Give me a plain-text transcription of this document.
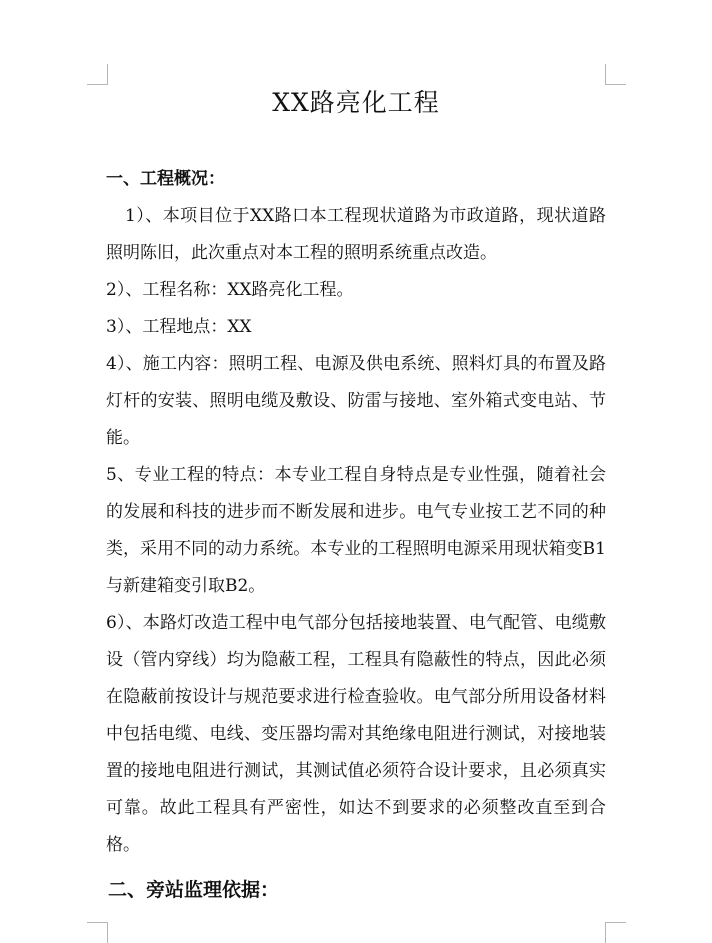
XX路亮化工程
一、工程概况：

1）、本项目位于XX路口本工程现状道路为市政道路，现状道路照明陈旧，此次重点对本工程的照明系统重点改造。

2）、工程名称：XX路亮化工程。

3）、工程地点：XX

4）、施工内容：照明工程、电源及供电系统、照料灯具的布置及路灯杆的安装、照明电缆及敷设、防雷与接地、室外箱式变电站、节能。

5、专业工程的特点：本专业工程自身特点是专业性强，随着社会的发展和科技的进步而不断发展和进步。电气专业按工艺不同的种类，采用不同的动力系统。本专业的工程照明电源采用现状箱变B1与新建箱变引取B2。

6）、本路灯改造工程中电气部分包括接地装置、电气配管、电缆敷设（管内穿线）均为隐蔽工程，工程具有隐蔽性的特点，因此必须在隐蔽前按设计与规范要求进行检查验收。电气部分所用设备材料中包括电缆、电线、变压器均需对其绝缘电阻进行测试，对接地装置的接地电阻进行测试，其测试值必须符合设计要求，且必须真实可靠。故此工程具有严密性，如达不到要求的必须整改直至到合格。

二、旁站监理依据：
